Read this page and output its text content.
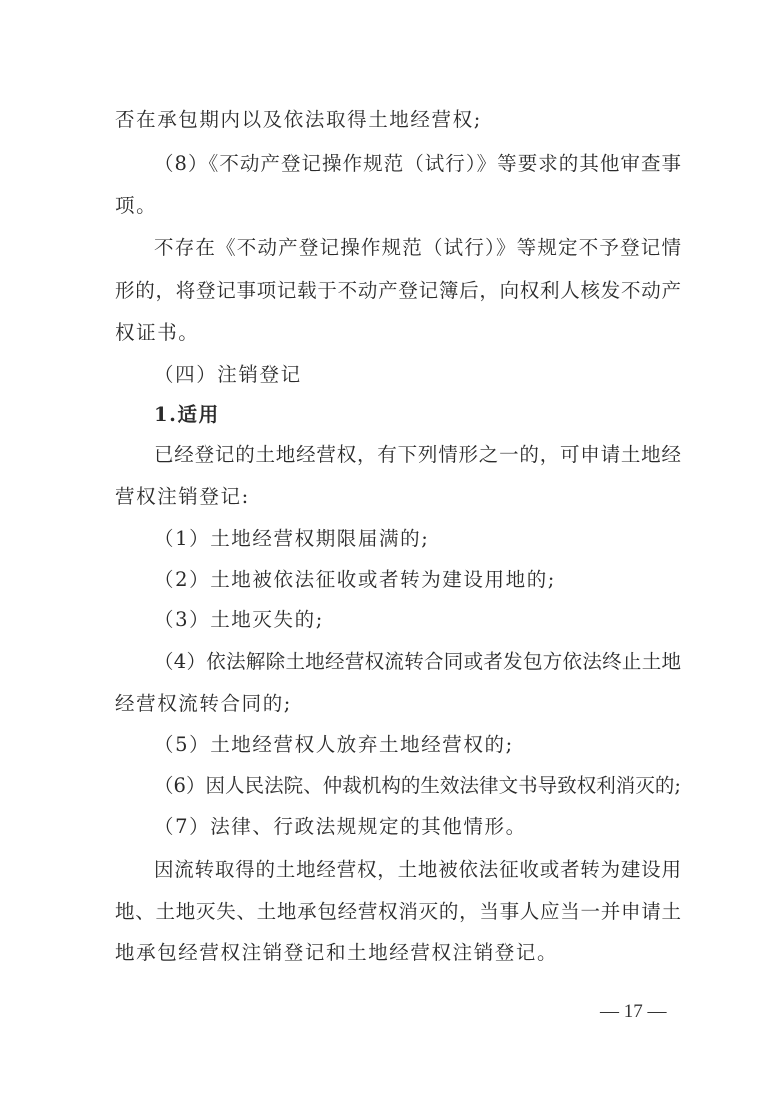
否在承包期内以及依法取得土地经营权;
（8）《不动产登记操作规范（试行）》等要求的其他审查事
项。
不存在《不动产登记操作规范（试行）》等规定不予登记情
形的，将登记事项记载于不动产登记簿后，向权利人核发不动产
权证书。
（四）注销登记
1.适用
已经登记的土地经营权，有下列情形之一的，可申请土地经
营权注销登记:
（1）土地经营权期限届满的;
（2）土地被依法征收或者转为建设用地的;
（3）土地灭失的;
（4）依法解除土地经营权流转合同或者发包方依法终止土地
经营权流转合同的;
（5）土地经营权人放弃土地经营权的;
（6）因人民法院、仲裁机构的生效法律文书导致权利消灭的;
（7）法律、行政法规规定的其他情形。
因流转取得的土地经营权，土地被依法征收或者转为建设用
地、土地灭失、土地承包经营权消灭的，当事人应当一并申请土
地承包经营权注销登记和土地经营权注销登记。
— 17 —
